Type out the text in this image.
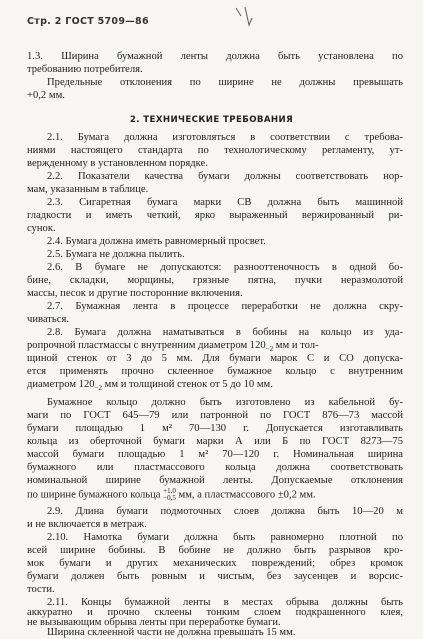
Стр. 2 ГОСТ 5709—86
1.3. Ширина бумажной ленты должна быть установлена по
требованию потребителя.
Предельные отклонения по ширине не должны превышать
+0,2 мм.
2. ТЕХНИЧЕСКИЕ ТРЕБОВАНИЯ
2.1. Бумага должна изготовляться в соответствии с требова-
ниями настоящего стандарта по технологическому регламенту, ут-
вержденному в установленном порядке.
2.2. Показатели качества бумаги должны соответствовать нор-
мам, указанным в таблице.
2.3. Сигаретная бумага марки СВ должна быть машинной
гладкости и иметь четкий, ярко выраженный вержированный ри-
сунок.
2.4. Бумага должна иметь равномерный просвет.
2.5. Бумага не должна пылить.
2.6. В бумаге не допускаются: разнооттеночность в одной бо-
бине, складки, морщины, грязные пятна, пучки неразмолотой
массы, песок и другие посторонние включения.
2.7. Бумажная лента в процессе переработки не должна скру-
чиваться.
2.8. Бумага должна наматываться в бобины на кольцо из уда-
ропрочной пластмассы с внутренним диаметром $120_{-2}$ мм и тол-
щиной стенок от 3 до 5 мм. Для бумаги марок С и СО допуска-
ется применять прочно склеенное бумажное кольцо с внутренним
диаметром $120_{-2}$ мм и толщиной стенок от 5 до 10 мм.
Бумажное кольцо должно быть изготовлено из кабельной бу-
маги по ГОСТ 645—79 или патронной по ГОСТ 876—73 массой
бумаги площадью 1 м² 70—130 г. Допускается изготавливать
кольца из оберточной бумаги марки А или Б по ГОСТ 8273—75
массой бумаги площадью 1 м² 70—120 г. Номинальная ширина
бумажного или пластмассового кольца должна соответствовать
номинальной ширине бумажной ленты. Допускаемые отклонения
по ширине бумажного кольца +1,0
−0,5 мм, а пластмассового ±0,2 мм.
2.9. Длина бумаги подмоточных слоев должна быть 10—20 м
и не включается в метраж.
2.10. Намотка бумаги должна быть равномерно плотной по
всей ширине бобины. В бобине не должно быть разрывов кро-
мок бумаги и других механических повреждений; обрез кромок
бумаги должен быть ровным и чистым, без заусенцев и ворсис-
тости.
2.11. Концы бумажной ленты в местах обрыва должны быть
аккуратно и прочно склеены тонким слоем подкрашенного клея,
не вызывающим обрыва ленты при переработке бумаги.
Ширина склеенной части не должна превышать 15 мм.
